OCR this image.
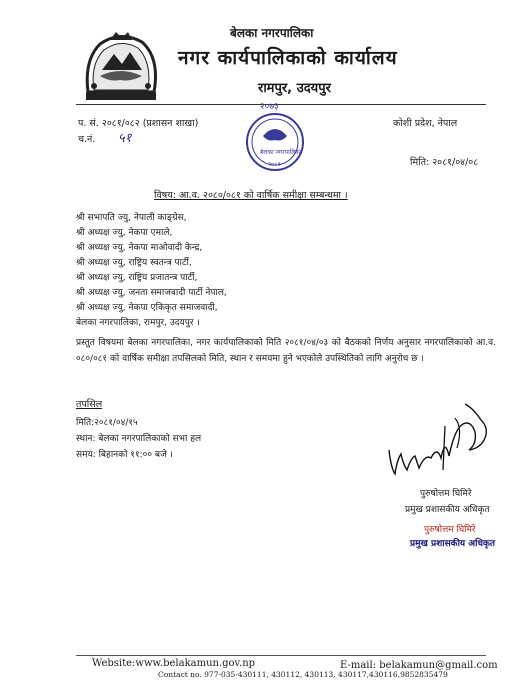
बेलका नगरपालिका
नगर कार्यपालिकाको कार्यालय
रामपुर, उदयपुर
प. सं. २०८१/०८२ (प्रशासन शाखा)
च.नं. ५१
कोशी प्रदेश, नेपाल
मिति: २०८१/०४/०८
२०७३
बेलका नगरपालिका
२०८१
विषय: आ.व. २०८०/०८१ को वार्षिक समीक्षा सम्बन्धमा ।
श्री सभापति ज्यु, नेपाली काङ्ग्रेस,
श्री अध्यक्ष ज्यु, नेकपा एमाले,
श्री अध्यक्ष ज्यु, नेकपा माओवादी केन्द्र,
श्री अध्यक्ष ज्यु, राष्ट्रिय स्वतन्त्र पार्टी,
श्री अध्यक्ष ज्यु, राष्ट्रिय प्रजातन्त्र पार्टी,
श्री अध्यक्ष ज्यु, जनता समाजवादी पार्टी नेपाल,
श्री अध्यक्ष ज्यु, नेकपा एकिकृत समाजवादी,
बेलका नगरपालिका, रामपुर, उदयपुर ।
प्रस्तुत विषयमा बेलका नगरपालिका, नगर कार्यपालिकाको मिति २०८१/०४/०३ को बैठकको निर्णय अनुसार नगरपालिकाको आ.व. ०८०/०८१ को वार्षिक समीक्षा तपसिलको मिति, स्थान र समयमा हुने भएकोले उपस्थितिको लागि अनुरोध छ ।
तपसिल
मिति:२०८१/०४/१५
स्थान: बेलका नगरपालिकाको सभा हल
समय: बिहानको ११:०० बजे ।
पुरुषोत्तम घिमिरे
प्रमुख प्रशासकीय अधिकृत
पुरुषोत्तम घिमिरे
प्रमुख प्रशासकीय अधिकृत
Website:www.belakamun.gov.np	E-mail: belakamun@gmail.com
Contact no. 977-035-430111, 430112, 430113, 430117,430116,9852835479
